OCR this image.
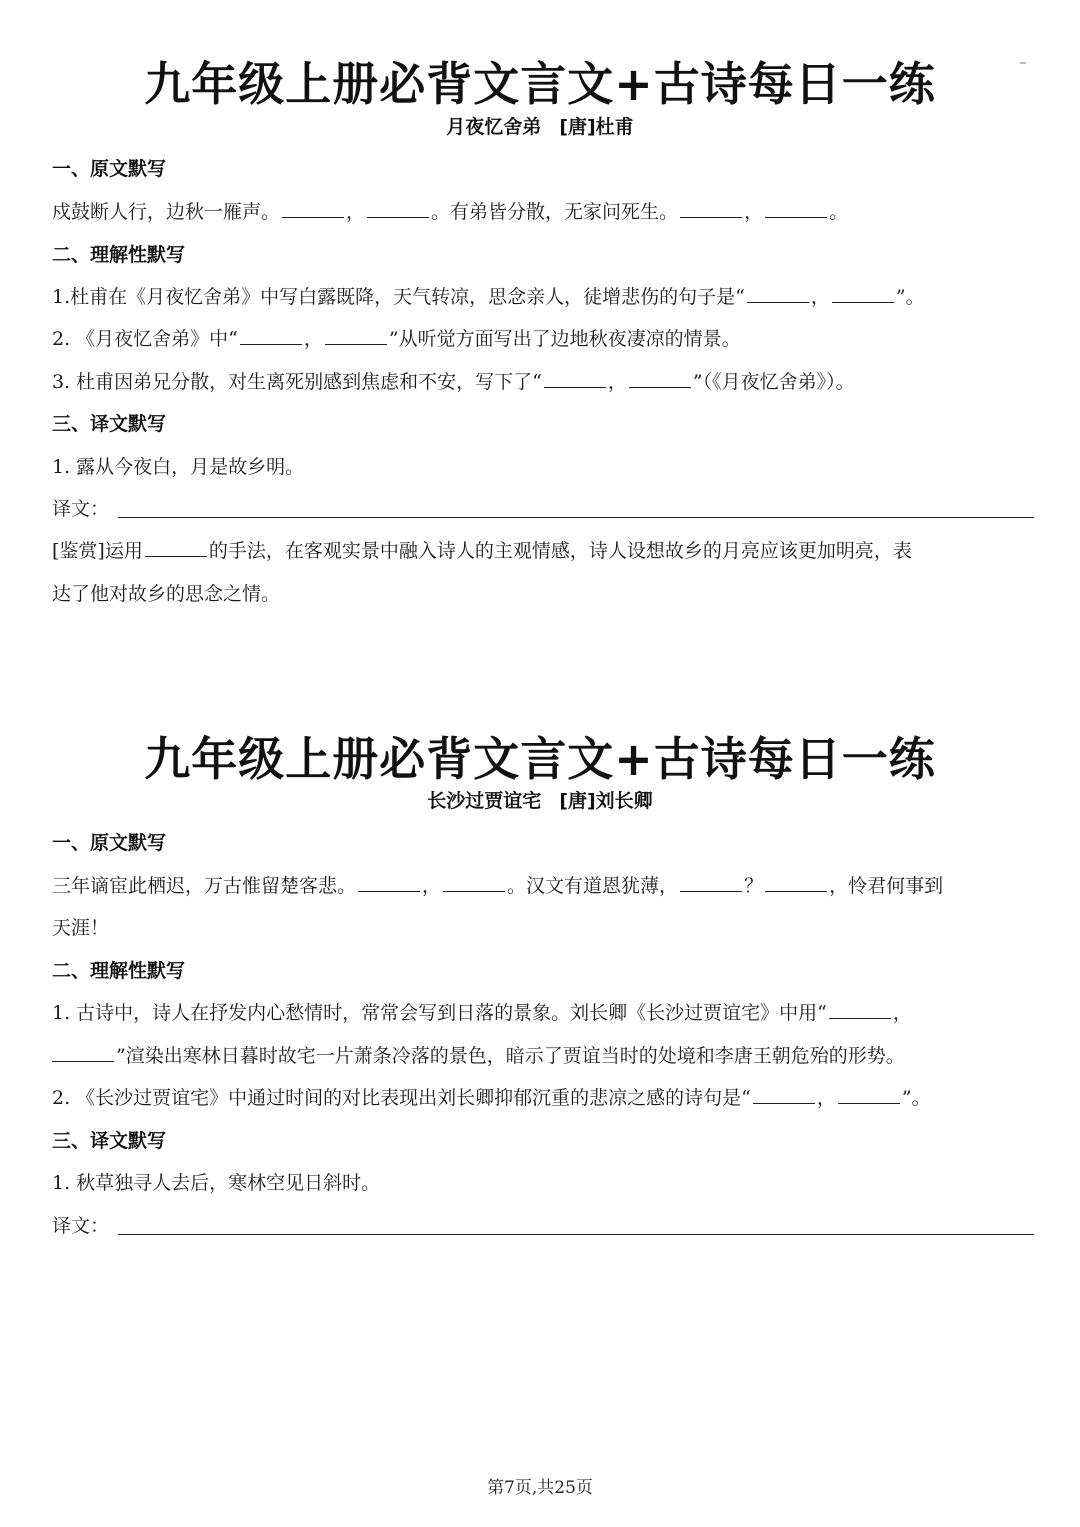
九年级上册必背文言文+古诗每日一练
月夜忆舍弟 [唐]杜甫
一、原文默写
戍鼓断人行，边秋一雁声。	，	。有弟皆分散，无家问死生。	，	。
二、理解性默写
1.杜甫在《月夜忆舍弟》中写白露既降，天气转凉，思念亲人，徒增悲伤的句子是“	，	”。
2. 《月夜忆舍弟》中“	，	”从听觉方面写出了边地秋夜凄凉的情景。
3. 杜甫因弟兄分散，对生离死别感到焦虑和不安，写下了“	，	”（《月夜忆舍弟》）。
三、译文默写
1. 露从今夜白，月是故乡明。
译文：
[鉴赏]运用	的手法，在客观实景中融入诗人的主观情感，诗人设想故乡的月亮应该更加明亮，表
达了他对故乡的思念之情。
九年级上册必背文言文+古诗每日一练
长沙过贾谊宅 [唐]刘长卿
一、原文默写
三年谪宦此栖迟，万古惟留楚客悲。	，	。汉文有道恩犹薄，	？	，怜君何事到
天涯！
二、理解性默写
1. 古诗中，诗人在抒发内心愁情时，常常会写到日落的景象。刘长卿《长沙过贾谊宅》中用“	，
”渲染出寒林日暮时故宅一片萧条冷落的景色，暗示了贾谊当时的处境和李唐王朝危殆的形势。
2. 《长沙过贾谊宅》中通过时间的对比表现出刘长卿抑郁沉重的悲凉之感的诗句是“	，	”。
三、译文默写
1. 秋草独寻人去后，寒林空见日斜时。
译文：
第7页,共25页
